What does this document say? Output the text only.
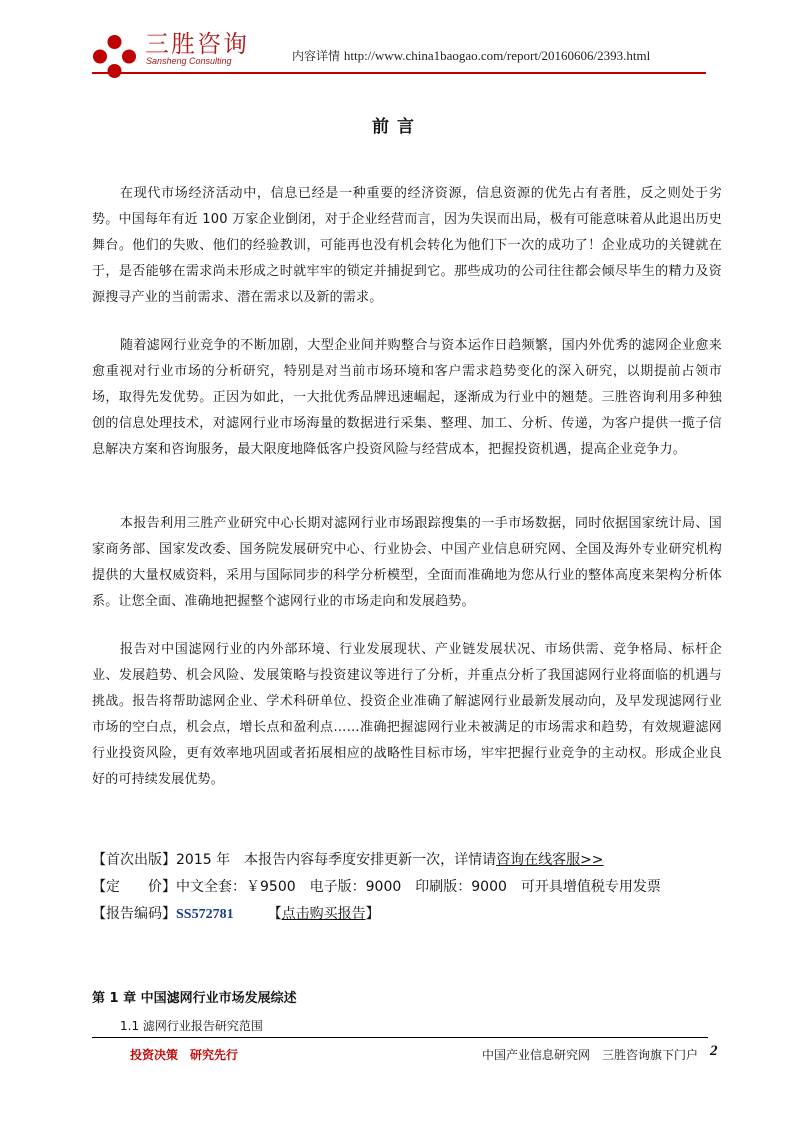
三胜咨询
Sansheng Consulting	内容详情 http://www.china1baogao.com/report/20160606/2393.html
前言

在现代市场经济活动中，信息已经是一种重要的经济资源，信息资源的优先占有者胜，反之则处于劣势。中国每年有近 100 万家企业倒闭，对于企业经营而言，因为失误而出局，极有可能意味着从此退出历史舞台。他们的失败、他们的经验教训，可能再也没有机会转化为他们下一次的成功了！企业成功的关键就在于，是否能够在需求尚未形成之时就牢牢的锁定并捕捉到它。那些成功的公司往往都会倾尽毕生的精力及资源搜寻产业的当前需求、潜在需求以及新的需求。

随着滤网行业竞争的不断加剧，大型企业间并购整合与资本运作日趋频繁，国内外优秀的滤网企业愈来愈重视对行业市场的分析研究，特别是对当前市场环境和客户需求趋势变化的深入研究，以期提前占领市场，取得先发优势。正因为如此，一大批优秀品牌迅速崛起，逐渐成为行业中的翘楚。三胜咨询利用多种独创的信息处理技术，对滤网行业市场海量的数据进行采集、整理、加工、分析、传递，为客户提供一揽子信息解决方案和咨询服务，最大限度地降低客户投资风险与经营成本，把握投资机遇，提高企业竞争力。

本报告利用三胜产业研究中心长期对滤网行业市场跟踪搜集的一手市场数据，同时依据国家统计局、国家商务部、国家发改委、国务院发展研究中心、行业协会、中国产业信息研究网、全国及海外专业研究机构提供的大量权威资料，采用与国际同步的科学分析模型，全面而准确地为您从行业的整体高度来架构分析体系。让您全面、准确地把握整个滤网行业的市场走向和发展趋势。

报告对中国滤网行业的内外部环境、行业发展现状、产业链发展状况、市场供需、竞争格局、标杆企业、发展趋势、机会风险、发展策略与投资建议等进行了分析，并重点分析了我国滤网行业将面临的机遇与挑战。报告将帮助滤网企业、学术科研单位、投资企业准确了解滤网行业最新发展动向，及早发现滤网行业市场的空白点，机会点，增长点和盈利点……准确把握滤网行业未被满足的市场需求和趋势，有效规避滤网行业投资风险，更有效率地巩固或者拓展相应的战略性目标市场，牢牢把握行业竞争的主动权。形成企业良好的可持续发展优势。

【首次出版】2015 年　本报告内容每季度安排更新一次，详情请咨询在线客服>>
【定　　价】中文全套：￥9500　电子版：9000　印刷版：9000　可开具增值税专用发票
【报告编码】SS572781 【点击购买报告】
第 1 章 中国滤网行业市场发展综述
1.1 滤网行业报告研究范围
投资决策　研究先行	中国产业信息研究网　三胜咨询旗下门户 2
